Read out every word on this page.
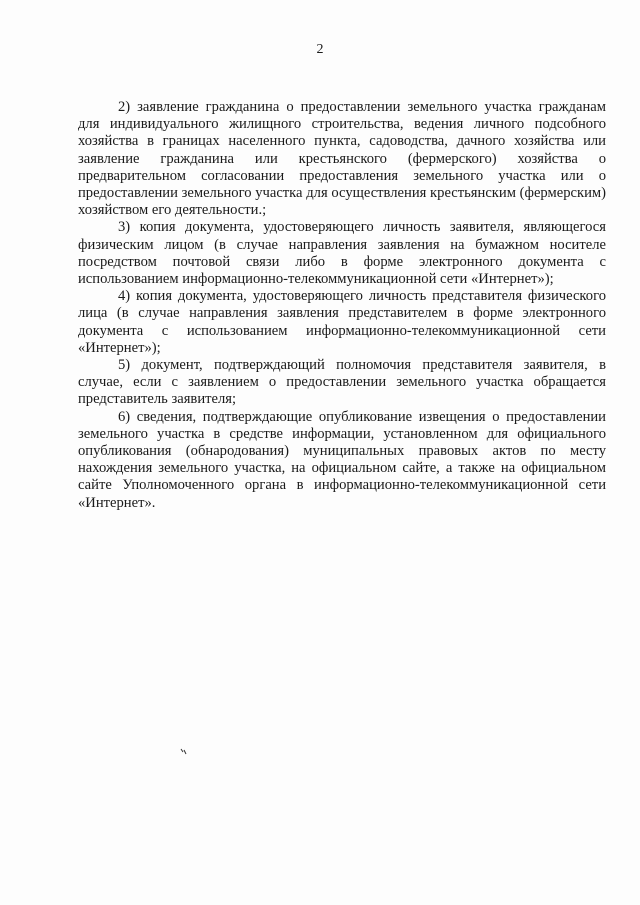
2

2) заявление гражданина о предоставлении земельного участка гражданам для индивидуального жилищного строительства, ведения личного подсобного хозяйства в границах населенного пункта, садоводства, дачного хозяйства или заявление гражданина или крестьянского (фермерского) хозяйства о предварительном согласовании предоставления земельного участка или о предоставлении земельного участка для осуществления крестьянским (фермерским) хозяйством его деятельности.;

3) копия документа, удостоверяющего личность заявителя, являющегося физическим лицом (в случае направления заявления на бумажном носителе посредством почтовой связи либо в форме электронного документа с использованием информационно-телекоммуникационной сети «Интернет»);

4) копия документа, удостоверяющего личность представителя физического лица (в случае направления заявления представителем в форме электронного документа с использованием информационно-телекоммуникационной сети «Интернет»);

5) документ, подтверждающий полномочия представителя заявителя, в случае, если с заявлением о предоставлении земельного участка обращается представитель заявителя;

6) сведения, подтверждающие опубликование извещения о предоставлении земельного участка в средстве информации, установленном для официального опубликования (обнародования) муниципальных правовых актов по месту нахождения земельного участка, на официальном сайте, а также на официальном сайте Уполномоченного органа в информационно-телекоммуникационной сети «Интернет».
